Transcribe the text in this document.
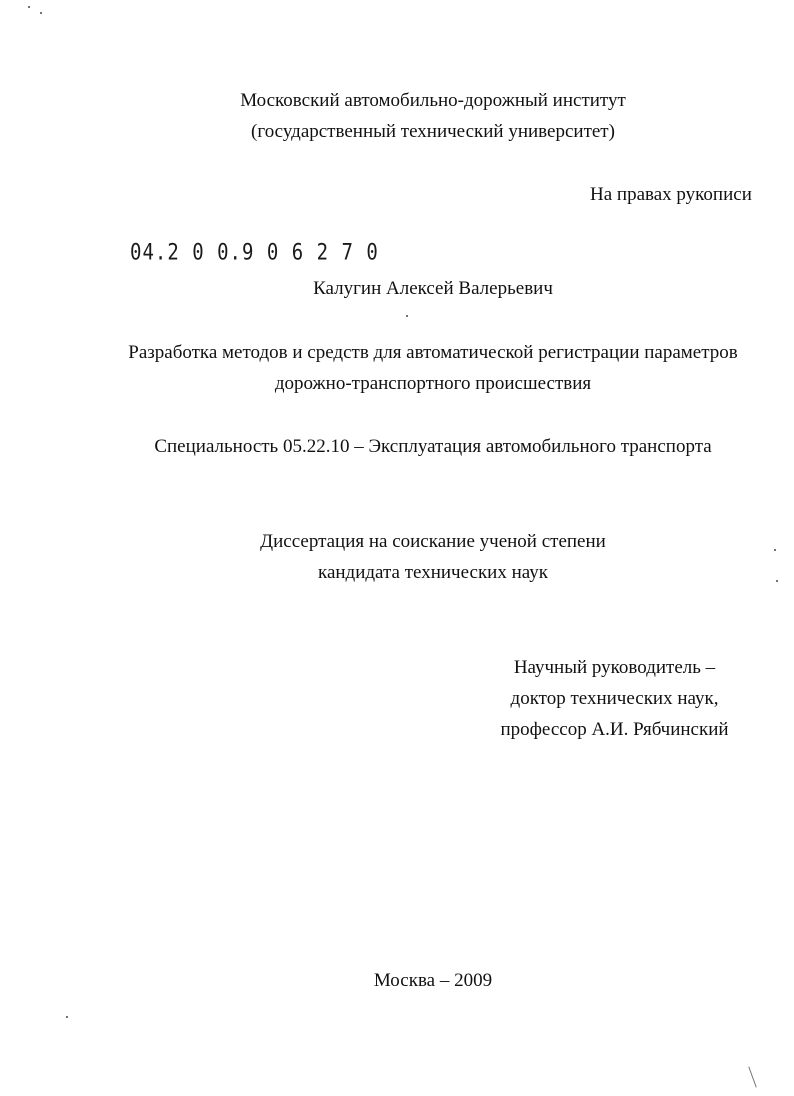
Московский автомобильно-дорожный институт
(государственный технический университет)
На правах рукописи
04.2 0 0.9 0 6 2 7 0
Калугин Алексей Валерьевич
Разработка методов и средств для автоматической регистрации параметров
дорожно-транспортного происшествия
Специальность 05.22.10 – Эксплуатация автомобильного транспорта
Диссертация на соискание ученой степени
кандидата технических наук
Научный руководитель –
доктор технических наук,
профессор А.И. Рябчинский
Москва – 2009
